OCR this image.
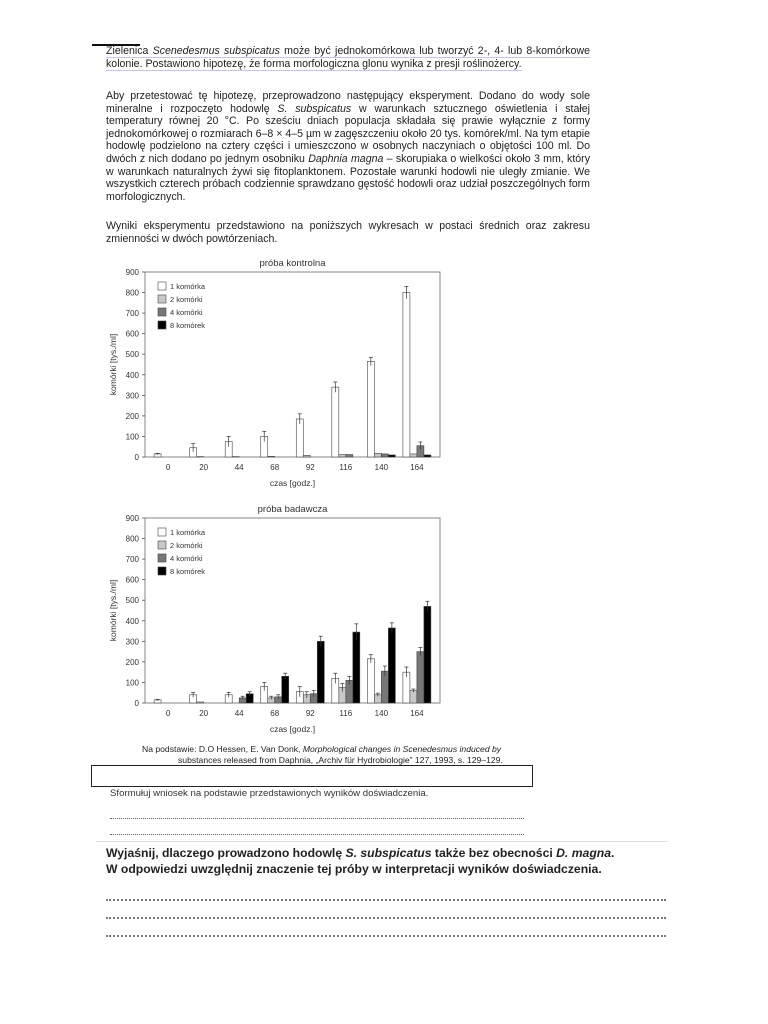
Zielenica Scenedesmus subspicatus może być jednokomórkowa lub tworzyć 2-, 4- lub 8-komórkowe kolonie. Postawiono hipotezę, że forma morfologiczna glonu wynika z presji roślinożercy.

Aby przetestować tę hipotezę, przeprowadzono następujący eksperyment. Dodano do wody sole mineralne i rozpoczęto hodowlę S. subspicatus w warunkach sztucznego oświetlenia i stałej temperatury równej 20 °C. Po sześciu dniach populacja składała się prawie wyłącznie z formy jednokomórkowej o rozmiarach 6–8 × 4–5 µm w zagęszczeniu około 20 tys. komórek/ml. Na tym etapie hodowlę podzielono na cztery części i umieszczono w osobnych naczyniach o objętości 100 ml. Do dwóch z nich dodano po jednym osobniku Daphnia magna – skorupiaka o wielkości około 3 mm, który w warunkach naturalnych żywi się fitoplanktonem. Pozostałe warunki hodowli nie uległy zmianie. We wszystkich czterech próbach codziennie sprawdzano gęstość hodowli oraz udział poszczególnych form morfologicznych.

Wyniki eksperymentu przedstawiono na poniższych wykresach w postaci średnich oraz zakresu zmienności w dwóch powtórzeniach.

próba kontrolna
0
100
200
300
400
500
600
700
800
900
komórki [tys./ml]
0	20	44	68	92	116	140	164
czas [godz.]
1 komórka
2 komórki
4 komórki
8 komórek
próba badawcza
0
100
200
300
400
500
600
700
800
900
komórki [tys./ml]
0	20	44	68	92	116	140	164
czas [godz.]
1 komórka
2 komórki
4 komórki
8 komórek
Na podstawie: D.O Hessen, E. Van Donk, Morphological changes in Scenedesmus induced by
substances released from Daphnia, „Archiv für Hydrobiologie” 127, 1993, s. 129–129.
Sformułuj wniosek na podstawie przedstawionych wyników doświadczenia.
Wyjaśnij, dlaczego prowadzono hodowlę S. subspicatus także bez obecności D. magna.
W odpowiedzi uwzględnij znaczenie tej próby w interpretacji wyników doświadczenia.
